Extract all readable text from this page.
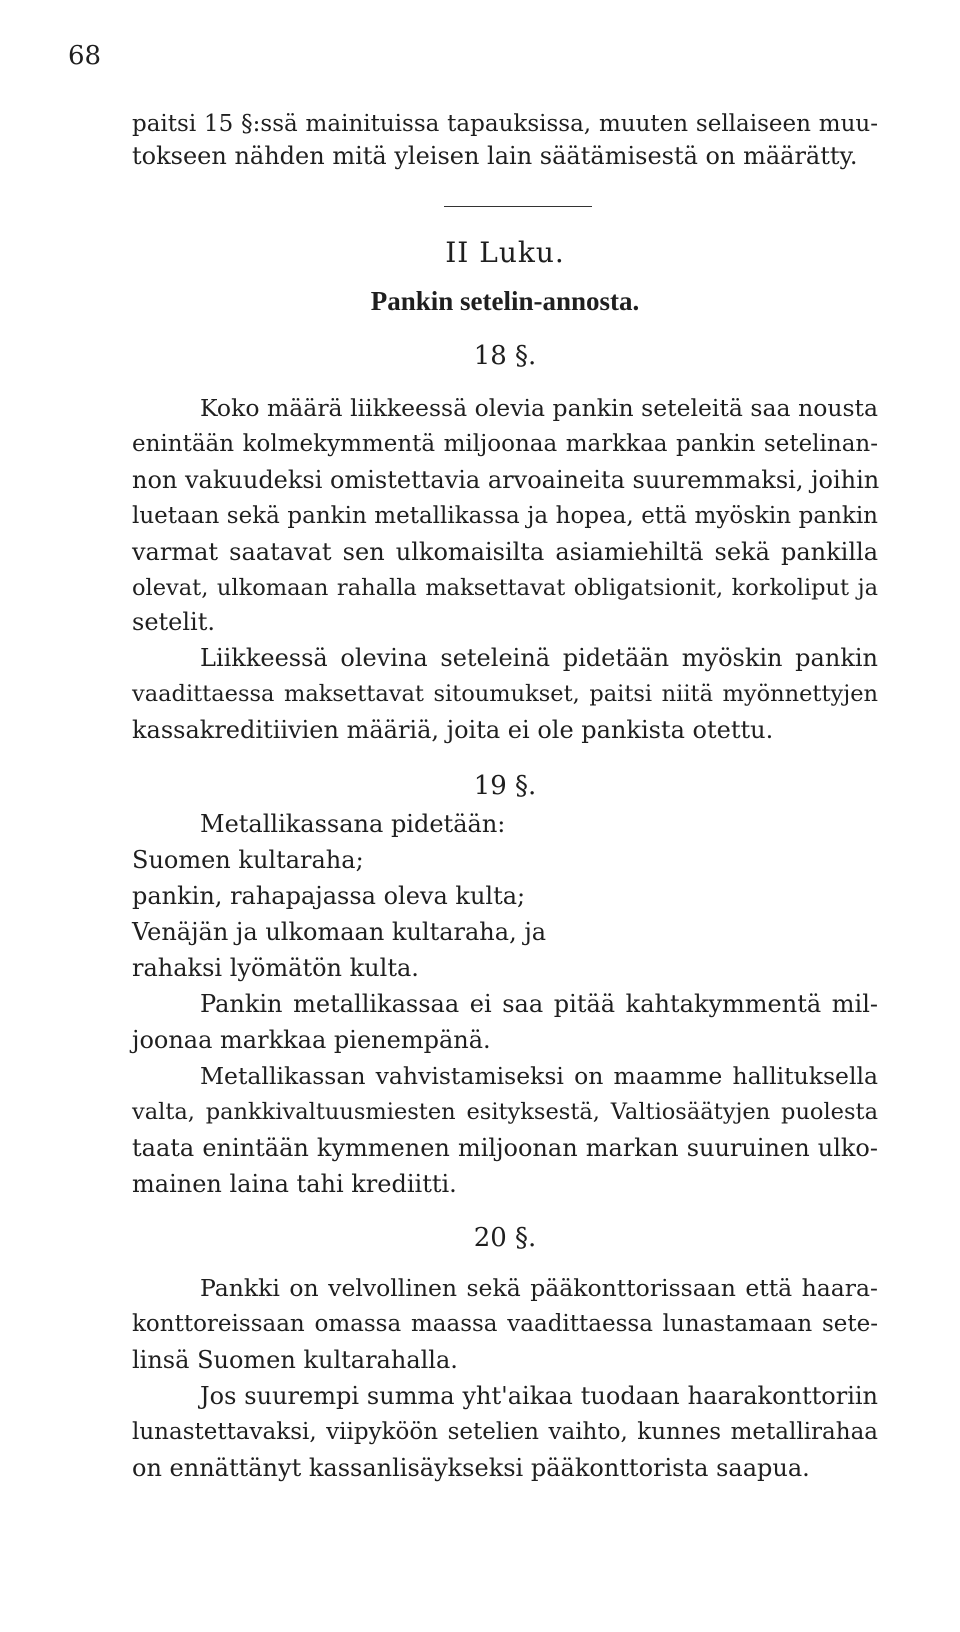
68
paitsi 15 §:ssä mainituissa tapauksissa, muuten sellaiseen muu-
tokseen nähden mitä yleisen lain säätämisestä on määrätty.
II Luku.
Pankin setelin-annosta.
18 §.
Koko määrä liikkeessä olevia pankin seteleitä saa nousta
enintään kolmekymmentä miljoonaa markkaa pankin setelinan-
non vakuudeksi omistettavia arvoaineita suuremmaksi, joihin
luetaan sekä pankin metallikassa ja hopea, että myöskin pankin
varmat saatavat sen ulkomaisilta asiamiehiltä sekä pankilla
olevat, ulkomaan rahalla maksettavat obligatsionit, korkoliput ja
setelit.
Liikkeessä olevina seteleinä pidetään myöskin pankin
vaadittaessa maksettavat sitoumukset, paitsi niitä myönnettyjen
kassakreditiivien määriä, joita ei ole pankista otettu.
19 §.
Metallikassana pidetään:
Suomen kultaraha;
pankin, rahapajassa oleva kulta;
Venäjän ja ulkomaan kultaraha, ja
rahaksi lyömätön kulta.
Pankin metallikassaa ei saa pitää kahtakymmentä mil-
joonaa markkaa pienempänä.
Metallikassan vahvistamiseksi on maamme hallituksella
valta, pankkivaltuusmiesten esityksestä, Valtiosäätyjen puolesta
taata enintään kymmenen miljoonan markan suuruinen ulko-
mainen laina tahi krediitti.
20 §.
Pankki on velvollinen sekä pääkonttorissaan että haara-
konttoreissaan omassa maassa vaadittaessa lunastamaan sete-
linsä Suomen kultarahalla.
Jos suurempi summa yht'aikaa tuodaan haarakonttoriin
lunastettavaksi, viipyköön setelien vaihto, kunnes metallirahaa
on ennättänyt kassanlisäykseksi pääkonttorista saapua.
